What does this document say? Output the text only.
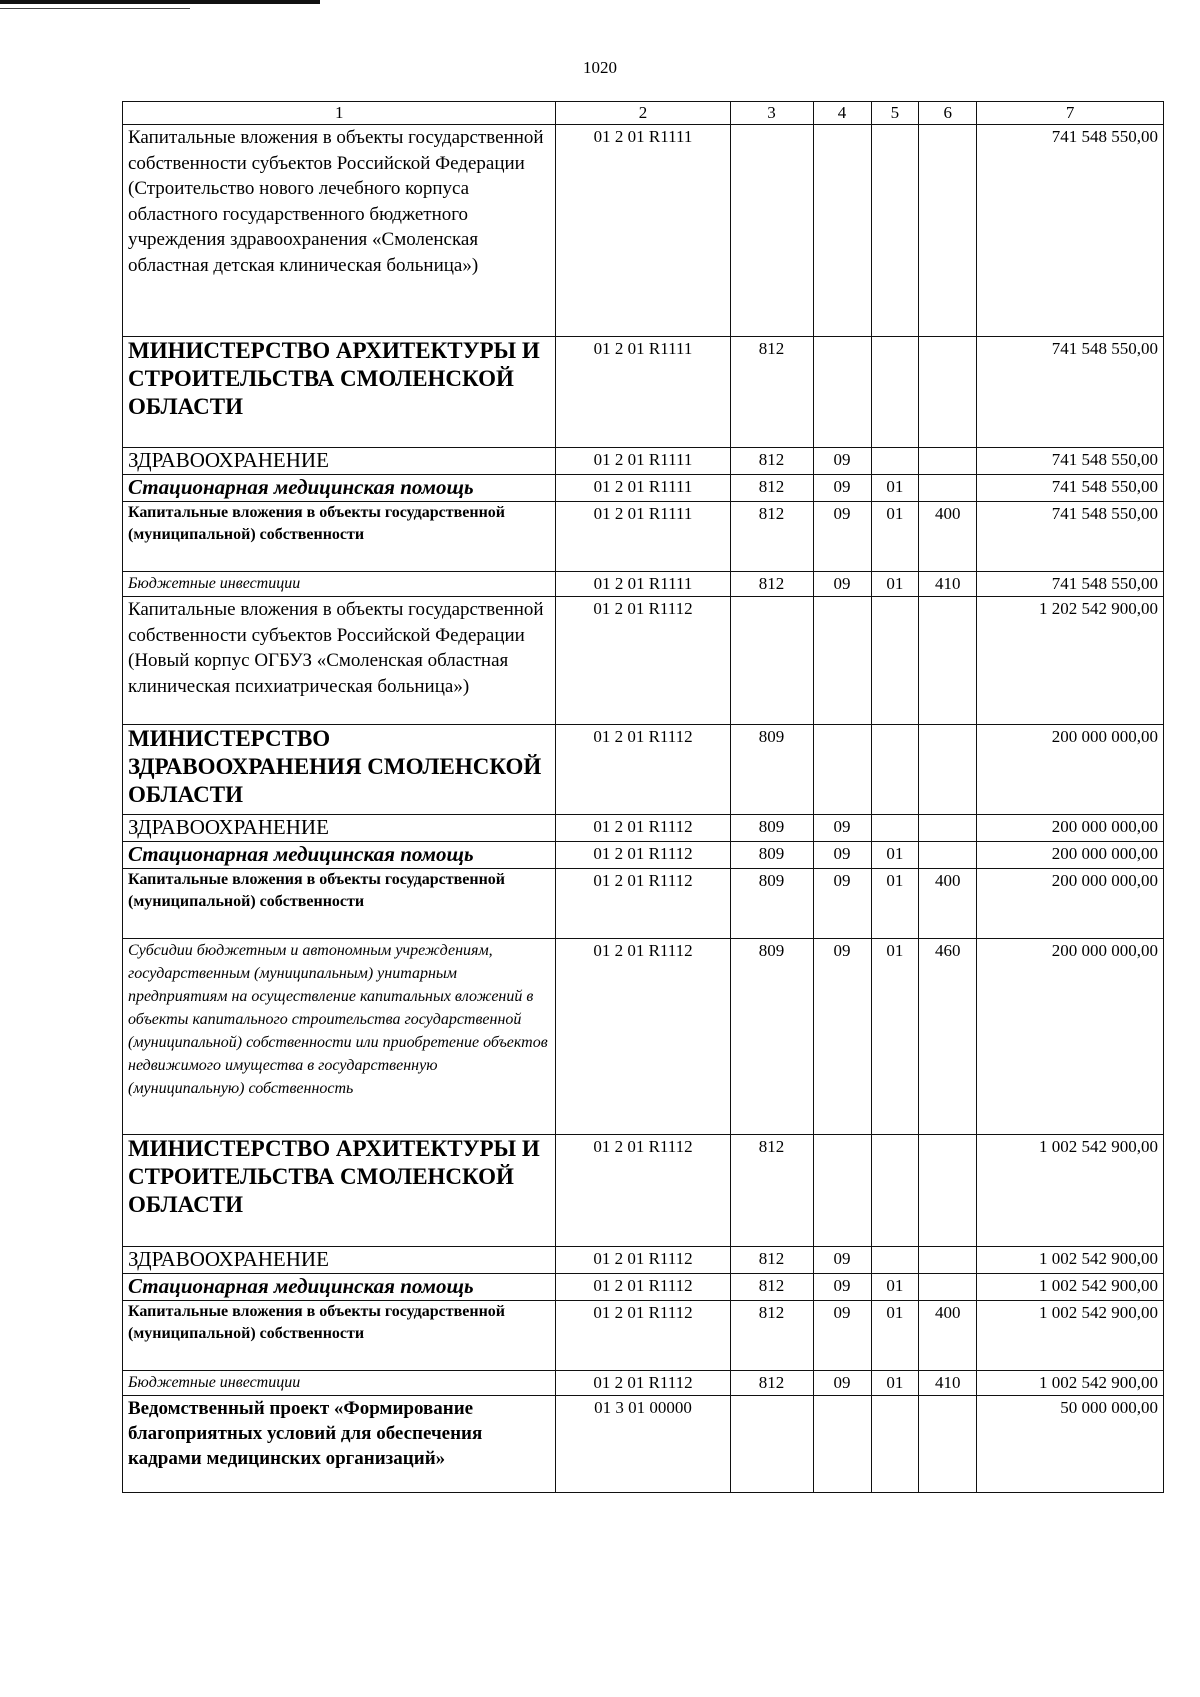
1020
1	2	3	4	5	6	7
Капитальные вложения в объекты государственной собственности субъектов Российской Федерации (Строительство нового лечебного корпуса областного государственного бюджетного учреждения здравоохранения «Смоленская областная детская клиническая больница»)	01 2 01 R1111					741 548 550,00
МИНИСТЕРСТВО АРХИТЕКТУРЫ И СТРОИТЕЛЬСТВА СМОЛЕНСКОЙ ОБЛАСТИ	01 2 01 R1111	812				741 548 550,00
ЗДРАВООХРАНЕНИЕ	01 2 01 R1111	812	09			741 548 550,00
Стационарная медицинская помощь	01 2 01 R1111	812	09	01		741 548 550,00
Капитальные вложения в объекты государственной (муниципальной) собственности	01 2 01 R1111	812	09	01	400	741 548 550,00
Бюджетные инвестиции	01 2 01 R1111	812	09	01	410	741 548 550,00
Капитальные вложения в объекты государственной собственности субъектов Российской Федерации (Новый корпус ОГБУЗ «Смоленская областная клиническая психиатрическая больница»)	01 2 01 R1112					1 202 542 900,00
МИНИСТЕРСТВО ЗДРАВООХРАНЕНИЯ СМОЛЕНСКОЙ ОБЛАСТИ	01 2 01 R1112	809				200 000 000,00
ЗДРАВООХРАНЕНИЕ	01 2 01 R1112	809	09			200 000 000,00
Стационарная медицинская помощь	01 2 01 R1112	809	09	01		200 000 000,00
Капитальные вложения в объекты государственной (муниципальной) собственности	01 2 01 R1112	809	09	01	400	200 000 000,00
Субсидии бюджетным и автономным учреждениям, государственным (муниципальным) унитарным предприятиям на осуществление капитальных вложений в объекты капитального строительства государственной (муниципальной) собственности или приобретение объектов недвижимого имущества в государственную (муниципальную) собственность	01 2 01 R1112	809	09	01	460	200 000 000,00
МИНИСТЕРСТВО АРХИТЕКТУРЫ И СТРОИТЕЛЬСТВА СМОЛЕНСКОЙ ОБЛАСТИ	01 2 01 R1112	812				1 002 542 900,00
ЗДРАВООХРАНЕНИЕ	01 2 01 R1112	812	09			1 002 542 900,00
Стационарная медицинская помощь	01 2 01 R1112	812	09	01		1 002 542 900,00
Капитальные вложения в объекты государственной (муниципальной) собственности	01 2 01 R1112	812	09	01	400	1 002 542 900,00
Бюджетные инвестиции	01 2 01 R1112	812	09	01	410	1 002 542 900,00
Ведомственный проект «Формирование благоприятных условий для обеспечения кадрами медицинских организаций»	01 3 01 00000					50 000 000,00
